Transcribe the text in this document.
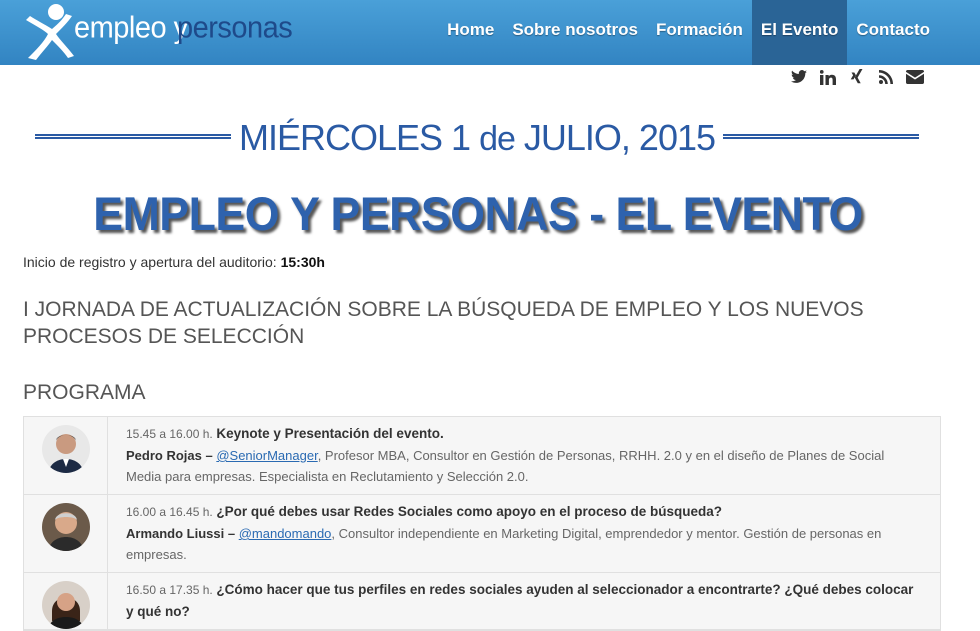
empleo y
personas	Home	Sobre nosotros	Formación	El Evento	Contacto
MIÉRCOLES 1 de JULIO, 2015
EMPLEO Y PERSONAS - EL EVENTO
Inicio de registro y apertura del auditorio: 15:30h
I JORNADA DE ACTUALIZACIÓN SOBRE LA BÚSQUEDA DE EMPLEO Y LOS NUEVOS PROCESOS DE SELECCIÓN
PROGRAMA
15.45 a 16.00 h. Keynote y Presentación del evento.
Pedro Rojas – @SeniorManager, Profesor MBA, Consultor en Gestión de Personas, RRHH. 2.0 y en el diseño de Planes de Social Media para empresas. Especialista en Reclutamiento y Selección 2.0.
16.00 a 16.45 h. ¿Por qué debes usar Redes Sociales como apoyo en el proceso de búsqueda?
Armando Liussi – @mandomando, Consultor independiente en Marketing Digital, emprendedor y mentor. Gestión de personas en empresas.
16.50 a 17.35 h. ¿Cómo hacer que tus perfiles en redes sociales ayuden al seleccionador a encontrarte? ¿Qué debes colocar y qué no?
